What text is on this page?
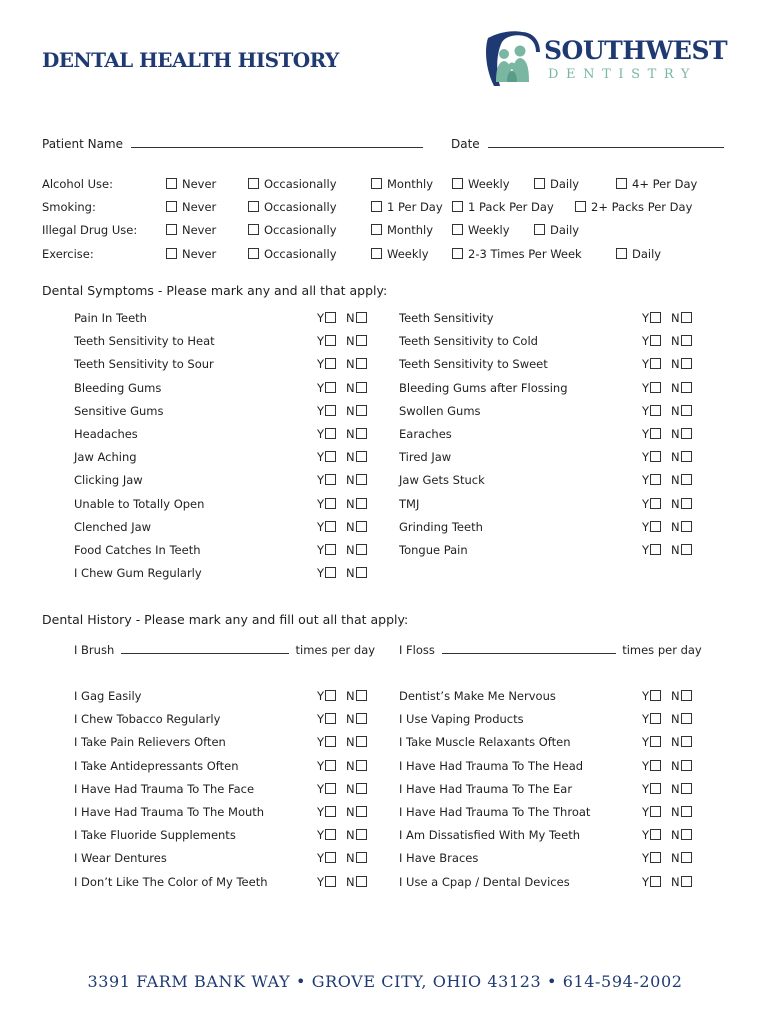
DENTAL HEALTH HISTORY	SOUTHWEST
DENTISTRY
Patient Name	Date
Alcohol Use:	Never	Occasionally	Monthly	Weekly	Daily	4+ Per Day
Smoking:	Never	Occasionally	1 Per Day	1 Pack Per Day	2+ Packs Per Day
Illegal Drug Use:	Never	Occasionally	Monthly	Weekly	Daily
Exercise:	Never	Occasionally	Weekly	2-3 Times Per Week	Daily
Dental Symptoms - Please mark any and all that apply:
Pain In Teeth	Y N
Teeth Sensitivity to Heat	Y N
Teeth Sensitivity to Sour	Y N
Bleeding Gums	Y N
Sensitive Gums	Y N
Headaches	Y N
Jaw Aching	Y N
Clicking Jaw	Y N
Unable to Totally Open	Y N
Clenched Jaw	Y N
Food Catches In Teeth	Y N
I Chew Gum Regularly	Y N
Teeth Sensitivity	Y N
Teeth Sensitivity to Cold	Y N
Teeth Sensitivity to Sweet	Y N
Bleeding Gums after Flossing	Y N
Swollen Gums	Y N
Earaches	Y N
Tired Jaw	Y N
Jaw Gets Stuck	Y N
TMJ	Y N
Grinding Teeth	Y N
Tongue Pain	Y N
Dental History - Please mark any and fill out all that apply:
I Brush	times per day I Floss	times per day
I Gag Easily	Y N
I Chew Tobacco Regularly	Y N
I Take Pain Relievers Often	Y N
I Take Antidepressants Often	Y N
I Have Had Trauma To The Face	Y N
I Have Had Trauma To The Mouth	Y N
I Take Fluoride Supplements	Y N
I Wear Dentures	Y N
I Don’t Like The Color of My Teeth	Y N
Dentist’s Make Me Nervous	Y N
I Use Vaping Products	Y N
I Take Muscle Relaxants Often	Y N
I Have Had Trauma To The Head	Y N
I Have Had Trauma To The Ear	Y N
I Have Had Trauma To The Throat	Y N
I Am Dissatisfied With My Teeth	Y N
I Have Braces	Y N
I Use a Cpap / Dental Devices	Y N
3391 FARM BANK WAY • GROVE CITY, OHIO 43123 • 614-594-2002
